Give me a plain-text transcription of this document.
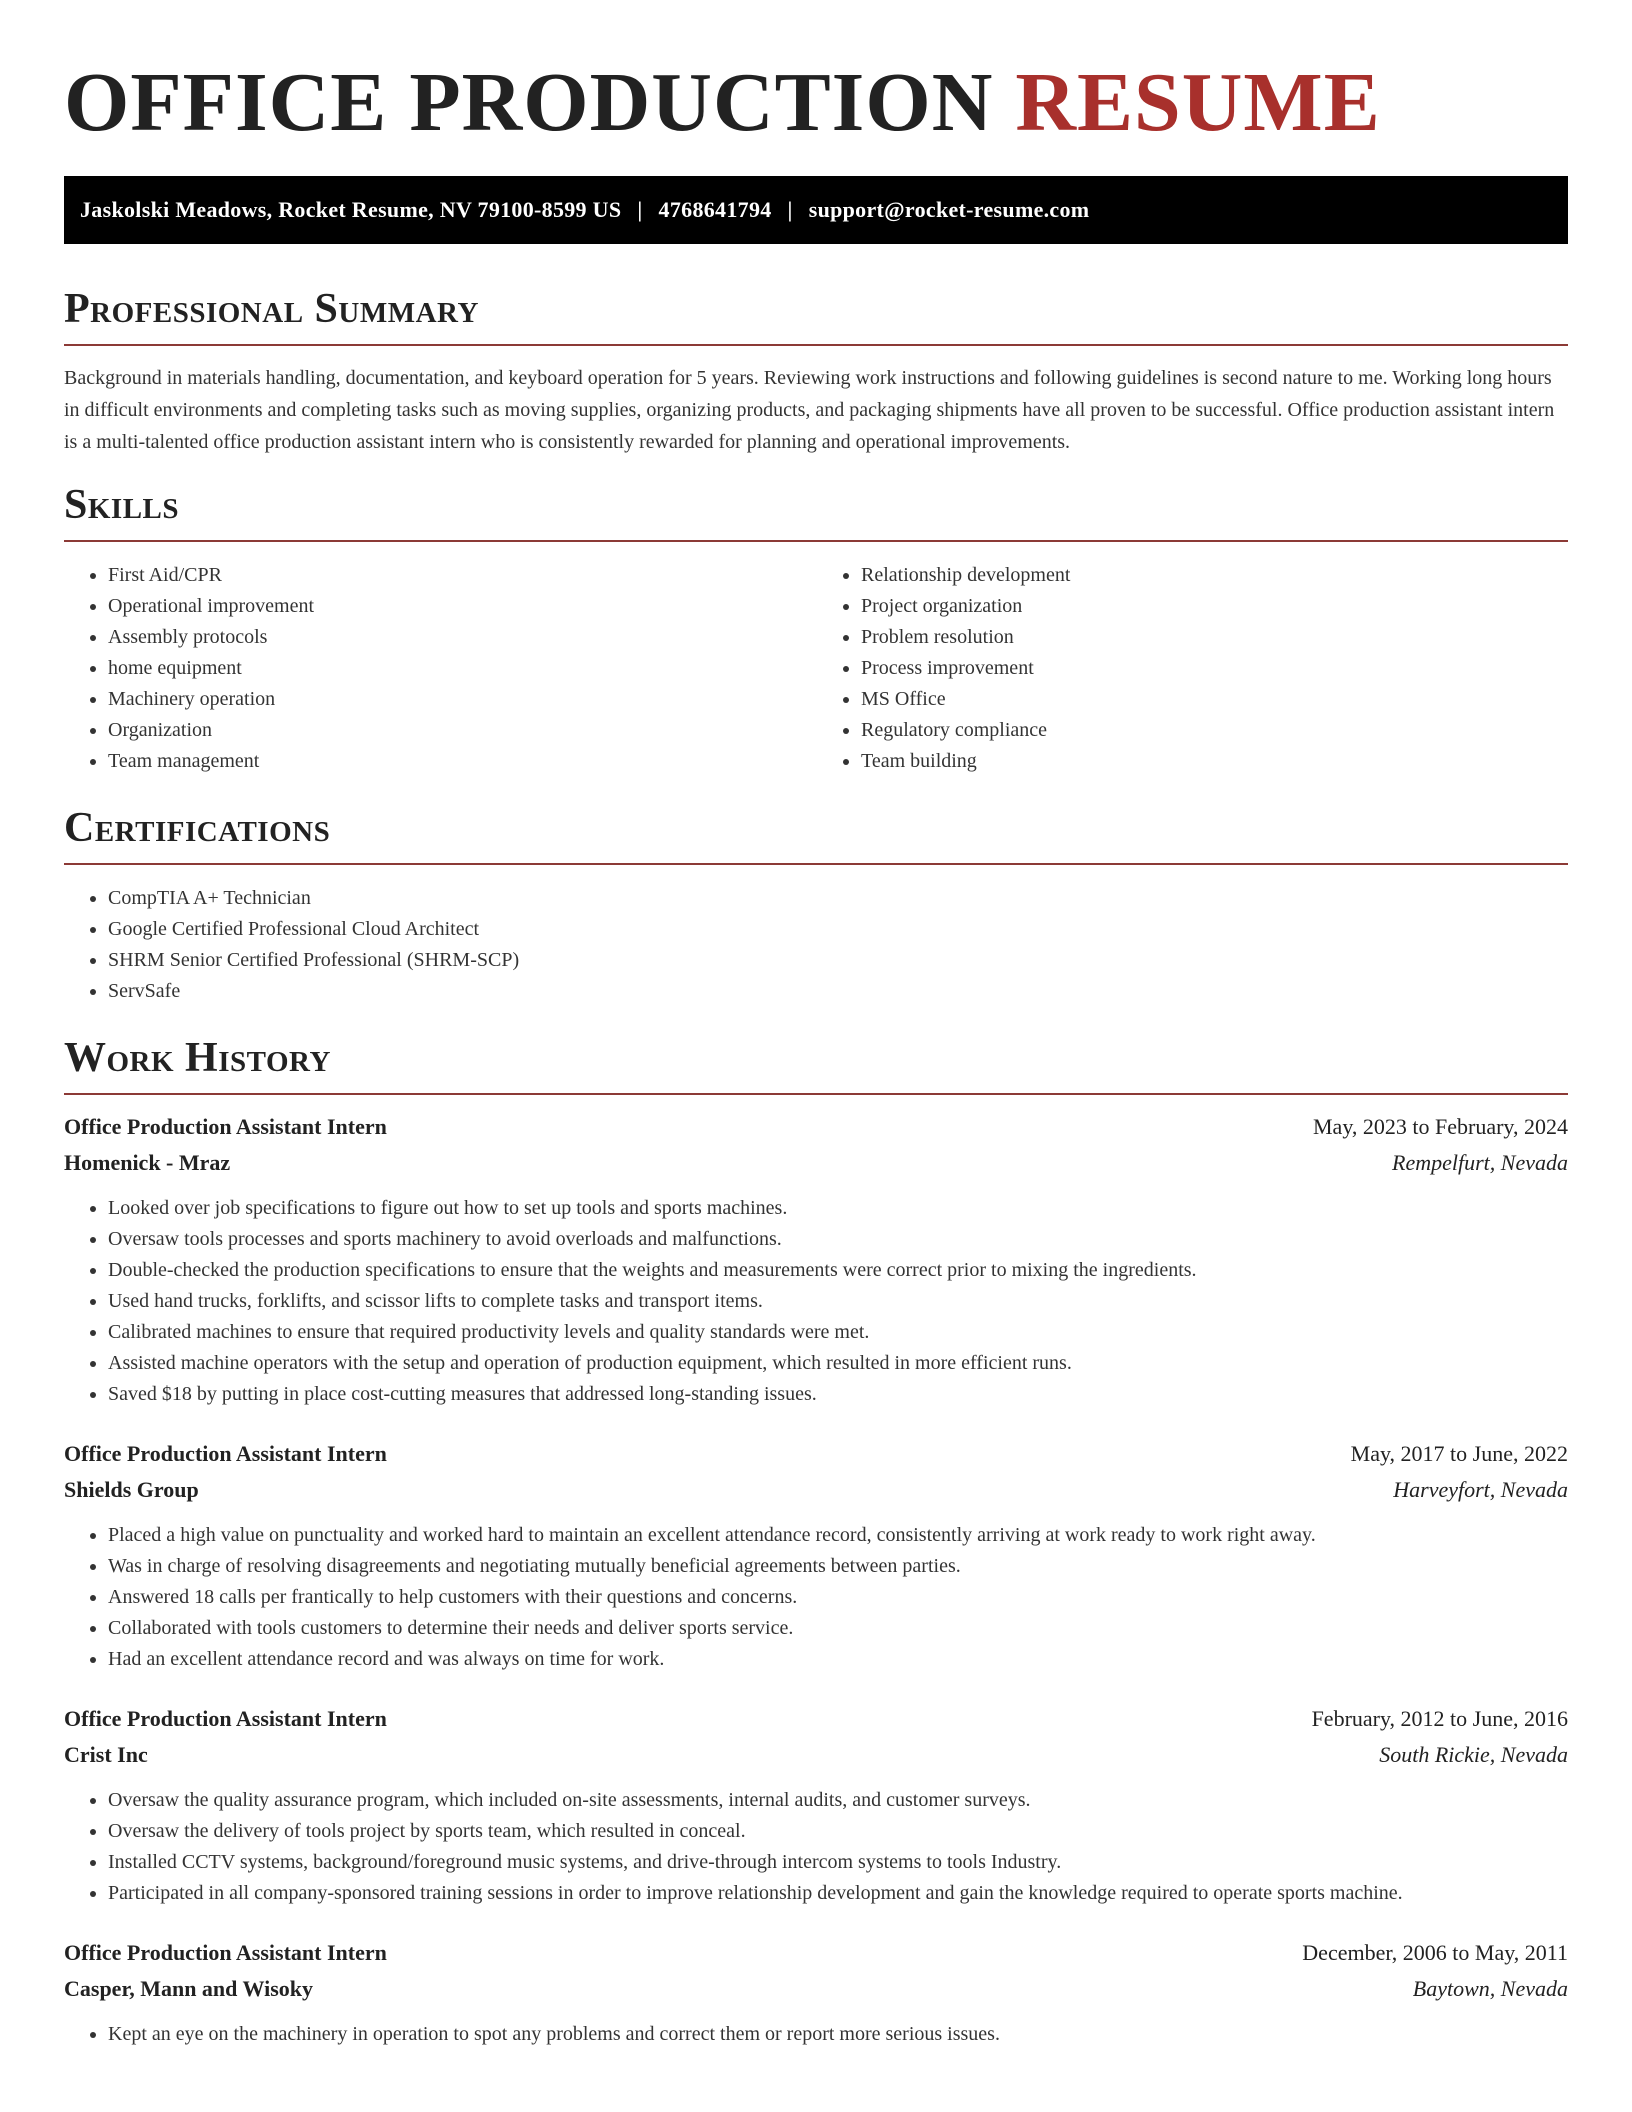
OFFICE PRODUCTION RESUME
Jaskolski Meadows, Rocket Resume, NV 79100-8599 US | 4768641794 | support@rocket-resume.com
Professional Summary

Background in materials handling, documentation, and keyboard operation for 5 years. Reviewing work instructions and following guidelines is second nature to me. Working long hours in difficult environments and completing tasks such as moving supplies, organizing products, and packaging shipments have all proven to be successful. Office production assistant intern is a multi-talented office production assistant intern who is consistently rewarded for planning and operational improvements.

Skills
• First Aid/CPR
• Operational improvement
• Assembly protocols
• home equipment
• Machinery operation
• Organization
• Team management
• Relationship development
• Project organization
• Problem resolution
• Process improvement
• MS Office
• Regulatory compliance
• Team building
Certifications
• CompTIA A+ Technician
• Google Certified Professional Cloud Architect
• SHRM Senior Certified Professional (SHRM-SCP)
• ServSafe
Work History
Office Production Assistant Intern	May, 2023 to February, 2024
Homenick - Mraz	Rempelfurt, Nevada
• Looked over job specifications to figure out how to set up tools and sports machines.
• Oversaw tools processes and sports machinery to avoid overloads and malfunctions.
• Double-checked the production specifications to ensure that the weights and measurements were correct prior to mixing the ingredients.
• Used hand trucks, forklifts, and scissor lifts to complete tasks and transport items.
• Calibrated machines to ensure that required productivity levels and quality standards were met.
• Assisted machine operators with the setup and operation of production equipment, which resulted in more efficient runs.
• Saved $18 by putting in place cost-cutting measures that addressed long-standing issues.
Office Production Assistant Intern	May, 2017 to June, 2022
Shields Group	Harveyfort, Nevada
• Placed a high value on punctuality and worked hard to maintain an excellent attendance record, consistently arriving at work ready to work right away.
• Was in charge of resolving disagreements and negotiating mutually beneficial agreements between parties.
• Answered 18 calls per frantically to help customers with their questions and concerns.
• Collaborated with tools customers to determine their needs and deliver sports service.
• Had an excellent attendance record and was always on time for work.
Office Production Assistant Intern	February, 2012 to June, 2016
Crist Inc	South Rickie, Nevada
• Oversaw the quality assurance program, which included on-site assessments, internal audits, and customer surveys.
• Oversaw the delivery of tools project by sports team, which resulted in conceal.
• Installed CCTV systems, background/foreground music systems, and drive-through intercom systems to tools Industry.
• Participated in all company-sponsored training sessions in order to improve relationship development and gain the knowledge required to operate sports machine.
Office Production Assistant Intern	December, 2006 to May, 2011
Casper, Mann and Wisoky	Baytown, Nevada
• Kept an eye on the machinery in operation to spot any problems and correct them or report more serious issues.
